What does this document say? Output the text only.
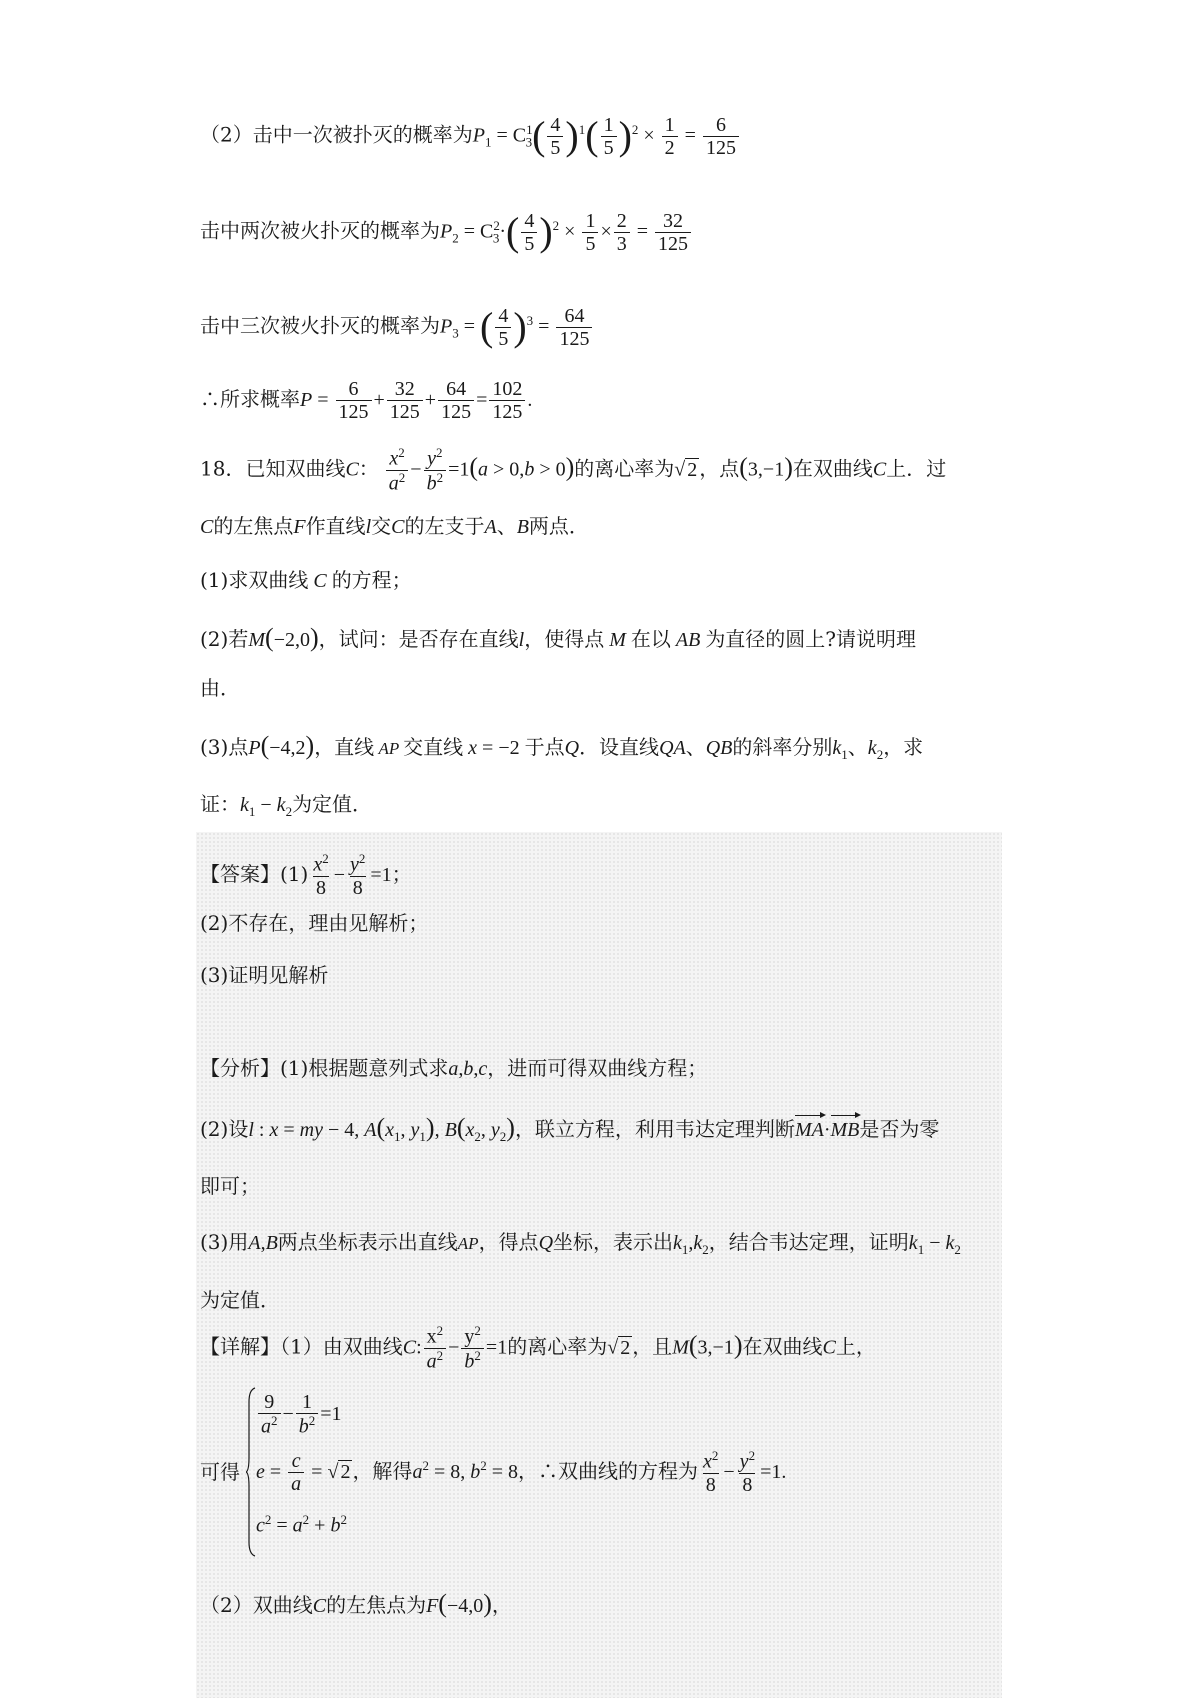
（2）击中一次被扑灭的概率为$P_1 = C^1_3( \frac{4}{5} )^1( \frac{1}{5} )^2 \times \frac{1}{2} = \frac{6}{125}$
击中两次被火扑灭的概率为$P_2 = C^2_3\cdot( \frac{4}{5} )^2 \times \frac{1}{5} \times \frac{2}{3} = \frac{32}{125}$
击中三次被火扑灭的概率为$P_3$ = ( $\frac{4}{5} )^3 = \frac{64}{125}$
∴所求概率$P = \frac{6}{125} + \frac{32}{125} + \frac{64}{125} = \frac{102}{125}$ .
18．已知双曲线C： $\frac{x^2}{a^2} - \frac{y^2}{b^2} =1(a > 0,b > 0)$的离心率为√ 2 ，点(3,−1)在双曲线C上．过
C的左焦点F作直线l交C的左支于A、B两点．
(1)求双曲线 C 的方程；
(2)若M(−2,0)，试问：是否存在直线l，使得点 M 在以 AB 为直径的圆上?请说明理
由．
(3)点P(−4,2)，直线 AP 交直线 x = −2 于点Q．设直线QA、QB的斜率分别$k_1$、$k_2$，求
证：$k_1 - k_2$为定值．
【答案】$(1) \frac{x^2}{8} - \frac{y^2}{8} =1$；
(2)不存在，理由见解析；
(3)证明见解析
【分析】(1)根据题意列式求a,b,c，进而可得双曲线方程；
(2)设l : x = my − 4, $A(x_1$, $y_1$), $B(x_2$, $y_2$)，联立方程，利用韦达定理判断MA·MB是否为零
即可；
(3)用A,B两点坐标表示出直线AP，得点Q坐标，表示出$k_1,k_2$，结合韦达定理，证明$k_1 - k_2$
为定值．
【详解】（1）由双曲线C: $\frac{x^2}{a^2} - \frac{y^2}{b^2} =1$的离心率为√ 2 ，且M(3,−1)在双曲线C上，
$\frac{9}{a^2} - \frac{1}{b^2} =1$
可得 $e = \frac{c}{a}$ = √ 2 ，解得$a^2 = 8$, $b^2 = 8$，∴双曲线的方程为 $\frac{x^2}{8} - \frac{y^2}{8} =1$.
$c^2 = a^2 + b^2$
（2）双曲线C的左焦点为F(−4,0)，
